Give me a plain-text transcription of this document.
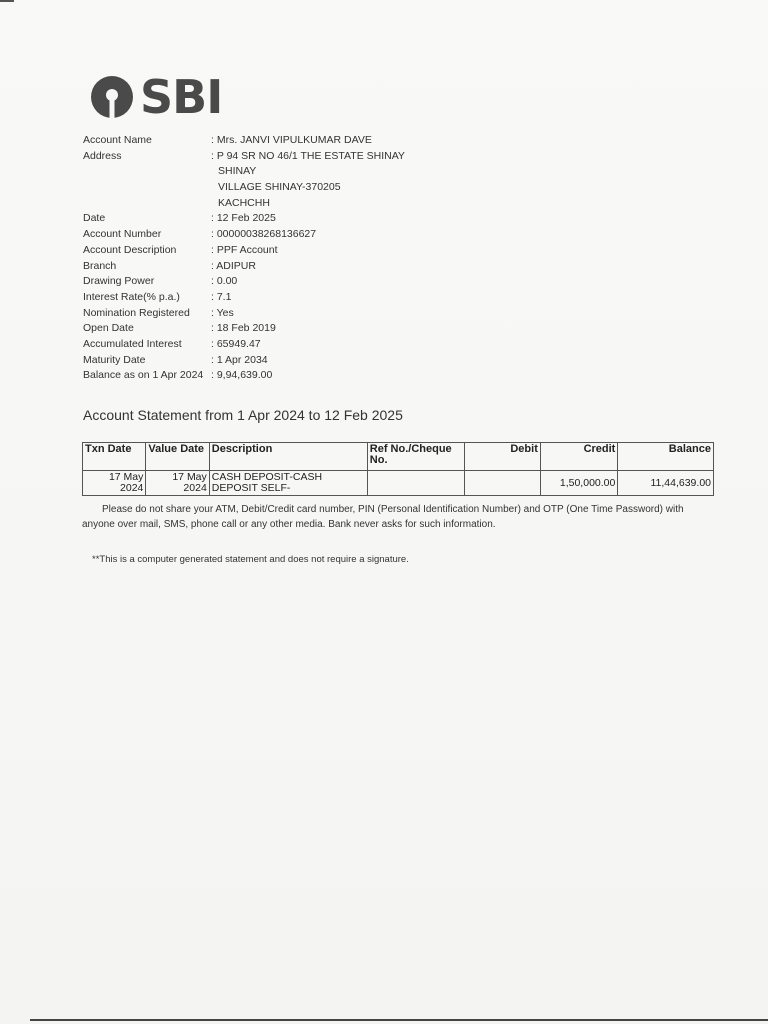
SBI
Account Name	: Mrs. JANVI VIPULKUMAR DAVE
Address	: P 94 SR NO 46/1 THE ESTATE SHINAY
SHINAY
VILLAGE SHINAY-370205
KACHCHH
Date	: 12 Feb 2025
Account Number	: 00000038268136627
Account Description	: PPF Account
Branch	: ADIPUR
Drawing Power	: 0.00
Interest Rate(% p.a.)	: 7.1
Nomination Registered : Yes
Open Date	: 18 Feb 2019
Accumulated Interest	: 65949.47
Maturity Date	: 1 Apr 2034
Balance as on 1 Apr 2024 : 9,94,639.00
Account Statement from 1 Apr 2024 to 12 Feb 2025
Txn Date	Value Date	Description	Ref No./Cheque No.	Debit	Credit	Balance
17 May 2024	17 May 2024	CASH DEPOSIT-CASH DEPOSIT SELF-			1,50,000.00	11,44,639.00
Please do not share your ATM, Debit/Credit card number, PIN (Personal Identification Number) and OTP (One Time Password) with anyone over mail, SMS, phone call or any other media. Bank never asks for such information.
**This is a computer generated statement and does not require a signature.
